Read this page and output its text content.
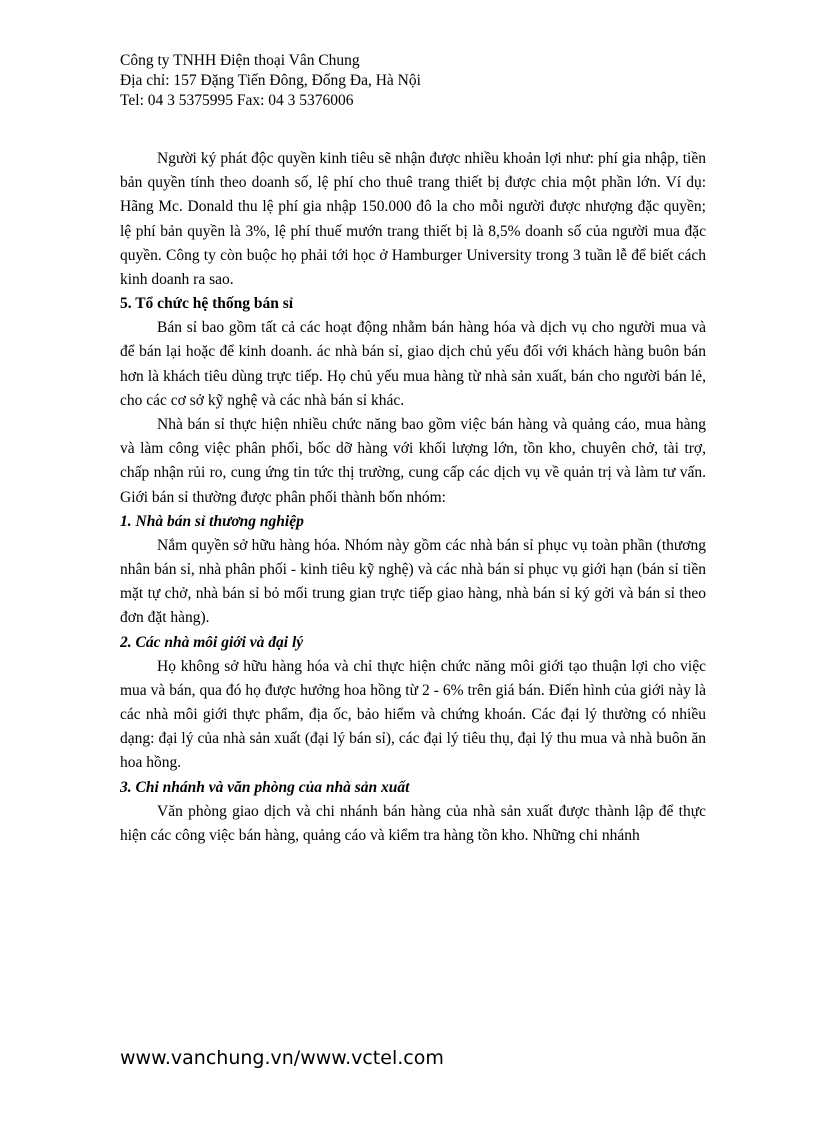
Công ty TNHH Điện thoại Vân Chung
Địa chỉ: 157 Đặng Tiến Đông, Đống Đa, Hà Nội
Tel: 04 3 5375995 Fax: 04 3 5376006

Người ký phát độc quyền kinh tiêu sẽ nhận được nhiều khoản lợi như: phí gia nhập, tiền bản quyền tính theo doanh số, lệ phí cho thuê trang thiết bị được chia một phần lớn. Ví dụ: Hãng Mc. Donald thu lệ phí gia nhập 150.000 đô la cho mỗi người được nhượng đặc quyền; lệ phí bản quyền là 3%, lệ phí thuế mướn trang thiết bị là 8,5% doanh số của người mua đặc quyền. Công ty còn buộc họ phải tới học ở Hamburger University trong 3 tuần lễ để biết cách kinh doanh ra sao.

5. Tổ chức hệ thống bán sỉ

Bán sỉ bao gồm tất cả các hoạt động nhằm bán hàng hóa và dịch vụ cho người mua và để bán lại hoặc để kinh doanh. ác nhà bán sỉ, giao dịch chủ yếu đối với khách hàng buôn bán hơn là khách tiêu dùng trực tiếp. Họ chủ yếu mua hàng từ nhà sản xuất, bán cho người bán lẻ, cho các cơ sở kỹ nghệ và các nhà bán sỉ khác.

Nhà bán sỉ thực hiện nhiều chức năng bao gồm việc bán hàng và quảng cáo, mua hàng và làm công việc phân phối, bốc dỡ hàng với khối lượng lớn, tồn kho, chuyên chở, tài trợ, chấp nhận rủi ro, cung ứng tin tức thị trường, cung cấp các dịch vụ về quản trị và làm tư vấn. Giới bán sỉ thường được phân phối thành bốn nhóm:

1. Nhà bán sỉ thương nghiệp

Nắm quyền sở hữu hàng hóa. Nhóm này gồm các nhà bán sỉ phục vụ toàn phần (thương nhân bán sỉ, nhà phân phối - kinh tiêu kỹ nghệ) và các nhà bán sỉ phục vụ giới hạn (bán sỉ tiền mặt tự chở, nhà bán sỉ bỏ mối trung gian trực tiếp giao hàng, nhà bán sỉ ký gởi và bán sỉ theo đơn đặt hàng).

2. Các nhà môi giới và đại lý

Họ không sở hữu hàng hóa và chỉ thực hiện chức năng môi giới tạo thuận lợi cho việc mua và bán, qua đó họ được hưởng hoa hồng từ 2 - 6% trên giá bán. Điển hình của giới này là các nhà môi giới thực phẩm, địa ốc, bảo hiểm và chứng khoán. Các đại lý thường có nhiều dạng: đại lý của nhà sản xuất (đại lý bán sỉ), các đại lý tiêu thụ, đại lý thu mua và nhà buôn ăn hoa hồng.

3. Chi nhánh và văn phòng của nhà sản xuất

Văn phòng giao dịch và chi nhánh bán hàng của nhà sản xuất được thành lập để thực hiện các công việc bán hàng, quảng cáo và kiểm tra hàng tồn kho. Những chi nhánh

www.vanchung.vn/www.vctel.com
